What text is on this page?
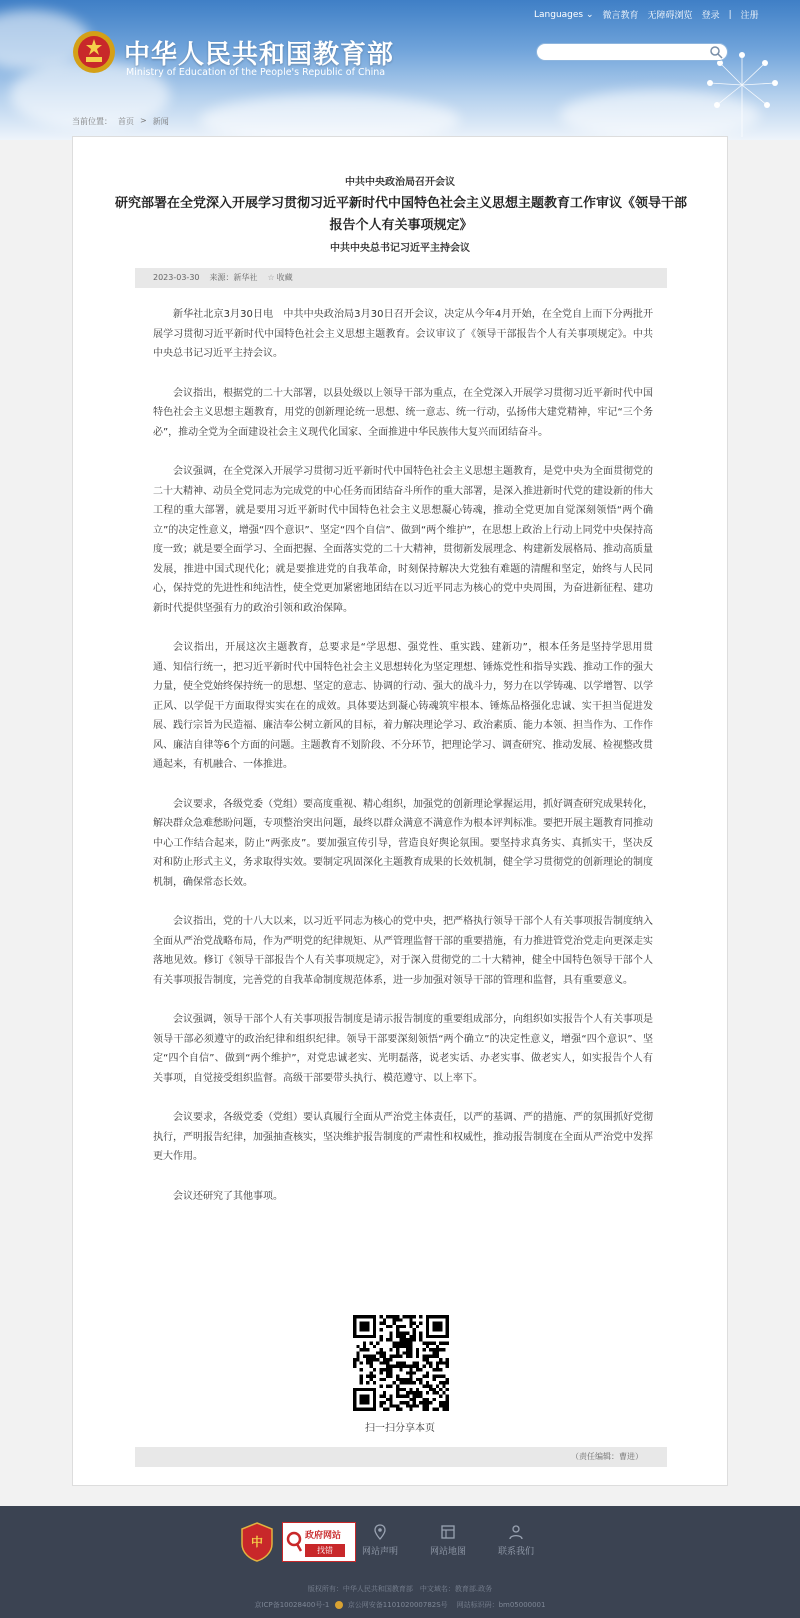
中华人民共和国教育部
Ministry of Education of the People's Republic of China
Languages ⌄ 微言教育 无障碍浏览 登录 | 注册
当前位置： 首页 > 新闻
中共中央政治局召开会议
研究部署在全党深入开展学习贯彻习近平新时代中国特色社会主义思想主题教育工作审议《领导干部报告个人有关事项规定》
中共中央总书记习近平主持会议
2023-03-30 来源：新华社 ☆ 收藏

新华社北京3月30日电　中共中央政治局3月30日召开会议，决定从今年4月开始，在全党自上而下分两批开展学习贯彻习近平新时代中国特色社会主义思想主题教育。会议审议了《领导干部报告个人有关事项规定》。中共中央总书记习近平主持会议。

会议指出，根据党的二十大部署，以县处级以上领导干部为重点，在全党深入开展学习贯彻习近平新时代中国特色社会主义思想主题教育，用党的创新理论统一思想、统一意志、统一行动，弘扬伟大建党精神，牢记“三个务必”，推动全党为全面建设社会主义现代化国家、全面推进中华民族伟大复兴而团结奋斗。

会议强调，在全党深入开展学习贯彻习近平新时代中国特色社会主义思想主题教育，是党中央为全面贯彻党的二十大精神、动员全党同志为完成党的中心任务而团结奋斗所作的重大部署，是深入推进新时代党的建设新的伟大工程的重大部署，就是要用习近平新时代中国特色社会主义思想凝心铸魂，推动全党更加自觉深刻领悟“两个确立”的决定性意义，增强“四个意识”、坚定“四个自信”、做到“两个维护”，在思想上政治上行动上同党中央保持高度一致；就是要全面学习、全面把握、全面落实党的二十大精神，贯彻新发展理念、构建新发展格局、推动高质量发展，推进中国式现代化；就是要推进党的自我革命，时刻保持解决大党独有难题的清醒和坚定，始终与人民同心，保持党的先进性和纯洁性，使全党更加紧密地团结在以习近平同志为核心的党中央周围，为奋进新征程、建功新时代提供坚强有力的政治引领和政治保障。

会议指出，开展这次主题教育，总要求是“学思想、强党性、重实践、建新功”，根本任务是坚持学思用贯通、知信行统一，把习近平新时代中国特色社会主义思想转化为坚定理想、锤炼党性和指导实践、推动工作的强大力量，使全党始终保持统一的思想、坚定的意志、协调的行动、强大的战斗力，努力在以学铸魂、以学增智、以学正风、以学促干方面取得实实在在的成效。具体要达到凝心铸魂筑牢根本、锤炼品格强化忠诚、实干担当促进发展、践行宗旨为民造福、廉洁奉公树立新风的目标，着力解决理论学习、政治素质、能力本领、担当作为、工作作风、廉洁自律等6个方面的问题。主题教育不划阶段、不分环节，把理论学习、调查研究、推动发展、检视整改贯通起来，有机融合、一体推进。

会议要求，各级党委（党组）要高度重视、精心组织，加强党的创新理论掌握运用，抓好调查研究成果转化，解决群众急难愁盼问题，专项整治突出问题，最终以群众满意不满意作为根本评判标准。要把开展主题教育同推动中心工作结合起来，防止“两张皮”。要加强宣传引导，营造良好舆论氛围。要坚持求真务实、真抓实干，坚决反对和防止形式主义，务求取得实效。要制定巩固深化主题教育成果的长效机制，健全学习贯彻党的创新理论的制度机制，确保常态长效。

会议指出，党的十八大以来，以习近平同志为核心的党中央，把严格执行领导干部个人有关事项报告制度纳入全面从严治党战略布局，作为严明党的纪律规矩、从严管理监督干部的重要措施，有力推进管党治党走向更深走实落地见效。修订《领导干部报告个人有关事项规定》，对于深入贯彻党的二十大精神，健全中国特色领导干部个人有关事项报告制度，完善党的自我革命制度规范体系，进一步加强对领导干部的管理和监督，具有重要意义。

会议强调，领导干部个人有关事项报告制度是请示报告制度的重要组成部分，向组织如实报告个人有关事项是领导干部必须遵守的政治纪律和组织纪律。领导干部要深刻领悟“两个确立”的决定性意义，增强“四个意识”、坚定“四个自信”、做到“两个维护”，对党忠诚老实、光明磊落，说老实话、办老实事、做老实人，如实报告个人有关事项，自觉接受组织监督。高级干部要带头执行、模范遵守、以上率下。

会议要求，各级党委（党组）要认真履行全面从严治党主体责任，以严的基调、严的措施、严的氛围抓好党彻执行，严明报告纪律，加强抽查核实，坚决维护报告制度的严肃性和权威性，推动报告制度在全面从严治党中发挥更大作用。

会议还研究了其他事项。

扫一扫分享本页
（责任编辑：曹进）
中	政府网站
找错	网站声明	网站地图	联系我们
版权所有：中华人民共和国教育部　中文域名：教育部.政务
京ICP备10028400号-1	京公网安备110102000782S号 网站标识码：bm05000001
